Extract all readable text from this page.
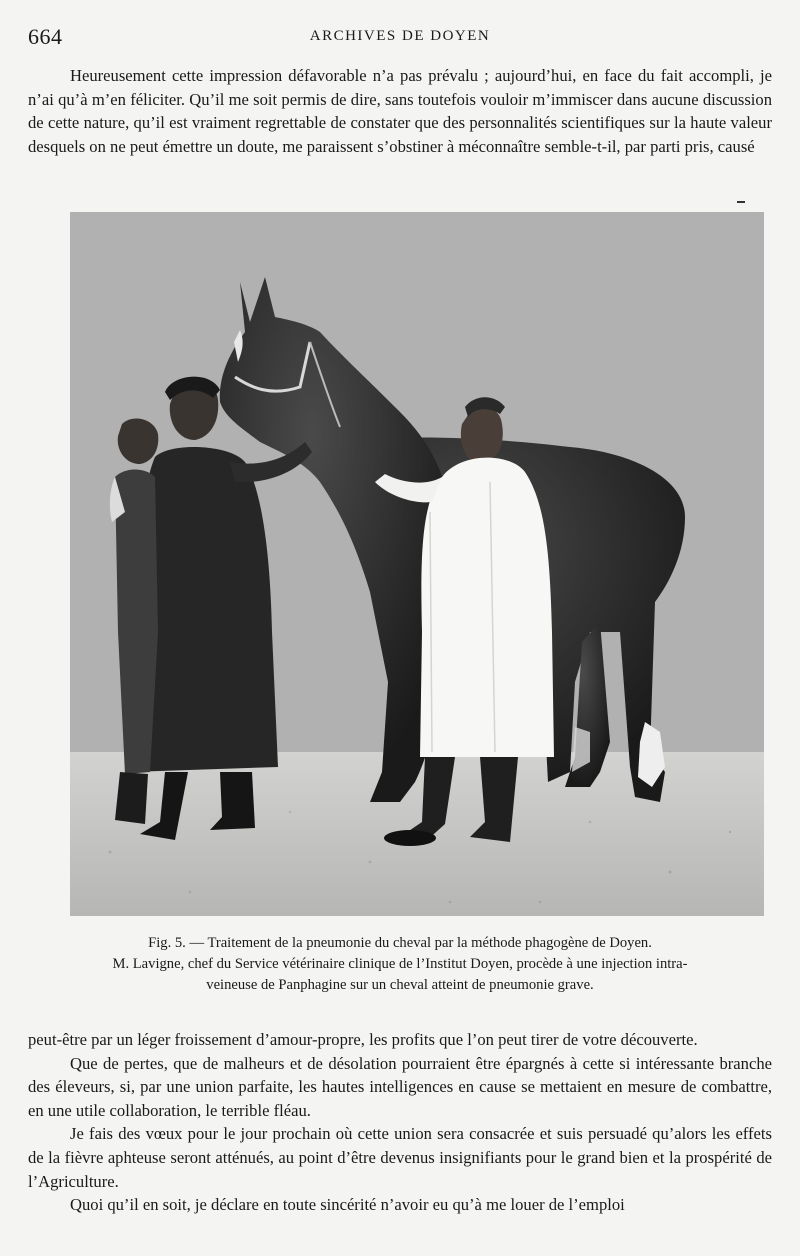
664	ARCHIVES DE DOYEN

Heureusement cette impression défavorable n’a pas prévalu ; aujourd’hui, en face du fait accompli, je n’ai qu’à m’en féliciter. Qu’il me soit permis de dire, sans toutefois vouloir m’immiscer dans aucune discussion de cette nature, qu’il est vraiment regrettable de constater que des personnalités scientifiques sur la haute valeur desquels on ne peut émettre un doute, me paraissent s’obstiner à méconnaître semble-t-il, par parti pris, causé

Fig. 5. — Traitement de la pneumonie du cheval par la méthode phagogène de Doyen.
M. Lavigne, chef du Service vétérinaire clinique de l’Institut Doyen, procède à une injection intra-
veineuse de Panphagine sur un cheval atteint de pneumonie grave.

peut-être par un léger froissement d’amour-propre, les profits que l’on peut tirer de votre découverte.

Que de pertes, que de malheurs et de désolation pourraient être épargnés à cette si intéressante branche des éleveurs, si, par une union parfaite, les hautes intelligences en cause se mettaient en mesure de combattre, en une utile collaboration, le terrible fléau.

Je fais des vœux pour le jour prochain où cette union sera consacrée et suis persuadé qu’alors les effets de la fièvre aphteuse seront atténués, au point d’être devenus insignifiants pour le grand bien et la prospérité de l’Agriculture.

Quoi qu’il en soit, je déclare en toute sincérité n’avoir eu qu’à me louer de l’emploi
